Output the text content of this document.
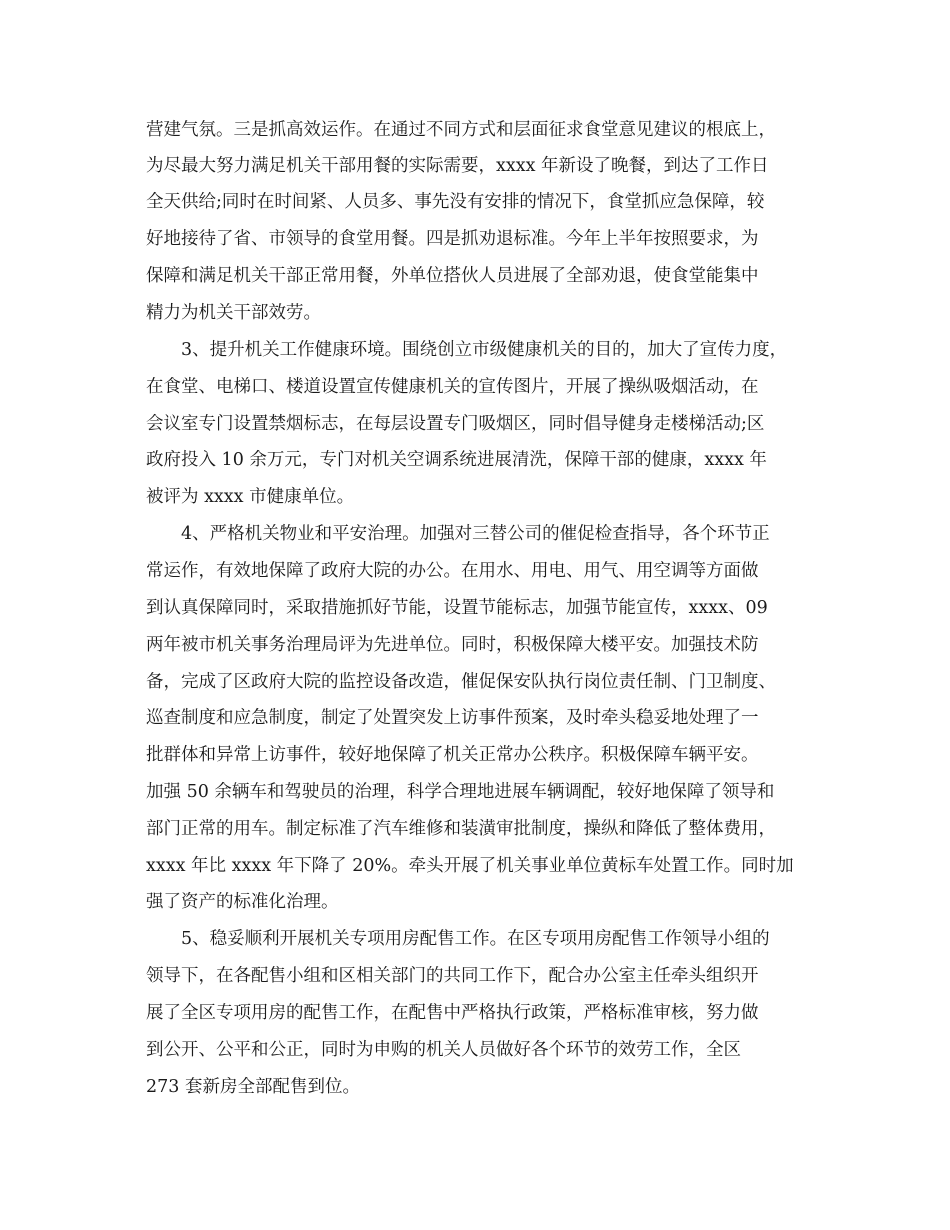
营建气氛。三是抓高效运作。在通过不同方式和层面征求食堂意见建议的根底上，
为尽最大努力满足机关干部用餐的实际需要，xxxx 年新设了晚餐，到达了工作日
全天供给;同时在时间紧、人员多、事先没有安排的情况下，食堂抓应急保障，较
好地接待了省、市领导的食堂用餐。四是抓劝退标准。今年上半年按照要求，为
保障和满足机关干部正常用餐，外单位搭伙人员进展了全部劝退，使食堂能集中
精力为机关干部效劳。
3、提升机关工作健康环境。围绕创立市级健康机关的目的，加大了宣传力度，
在食堂、电梯口、楼道设置宣传健康机关的宣传图片，开展了操纵吸烟活动，在
会议室专门设置禁烟标志，在每层设置专门吸烟区，同时倡导健身走楼梯活动;区
政府投入 10 余万元，专门对机关空调系统进展清洗，保障干部的健康，xxxx 年
被评为 xxxx 市健康单位。
4、严格机关物业和平安治理。加强对三替公司的催促检查指导，各个环节正
常运作，有效地保障了政府大院的办公。在用水、用电、用气、用空调等方面做
到认真保障同时，采取措施抓好节能，设置节能标志，加强节能宣传，xxxx、09
两年被市机关事务治理局评为先进单位。同时，积极保障大楼平安。加强技术防
备，完成了区政府大院的监控设备改造，催促保安队执行岗位责任制、门卫制度、
巡查制度和应急制度，制定了处置突发上访事件预案，及时牵头稳妥地处理了一
批群体和异常上访事件，较好地保障了机关正常办公秩序。积极保障车辆平安。
加强 50 余辆车和驾驶员的治理，科学合理地进展车辆调配，较好地保障了领导和
部门正常的用车。制定标准了汽车维修和装潢审批制度，操纵和降低了整体费用，
xxxx 年比 xxxx 年下降了 20%。牵头开展了机关事业单位黄标车处置工作。同时加
强了资产的标准化治理。
5、稳妥顺利开展机关专项用房配售工作。在区专项用房配售工作领导小组的
领导下，在各配售小组和区相关部门的共同工作下，配合办公室主任牵头组织开
展了全区专项用房的配售工作，在配售中严格执行政策，严格标准审核，努力做
到公开、公平和公正，同时为申购的机关人员做好各个环节的效劳工作，全区
273 套新房全部配售到位。
